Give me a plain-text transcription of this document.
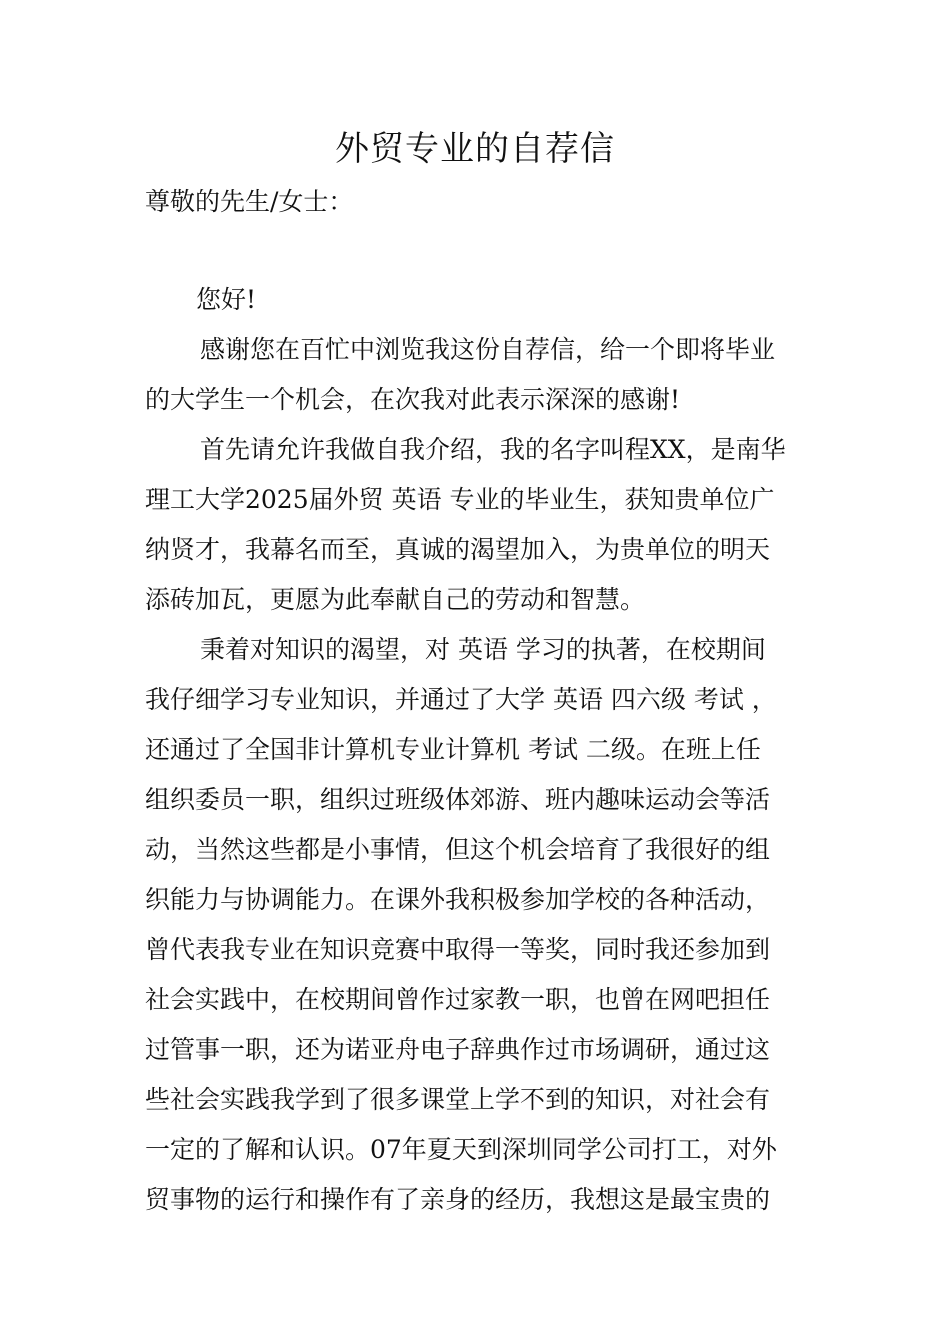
外贸专业的自荐信
尊敬的先生/女士：
您好!
感谢您在百忙中浏览我这份自荐信，给一个即将毕业
的大学生一个机会，在次我对此表示深深的感谢!
首先请允许我做自我介绍，我的名字叫程XX，是南华
理工大学2025届外贸 英语 专业的毕业生，获知贵单位广
纳贤才，我幕名而至，真诚的渴望加入，为贵单位的明天
添砖加瓦，更愿为此奉献自己的劳动和智慧。
秉着对知识的渴望，对 英语 学习的执著，在校期间
我仔细学习专业知识，并通过了大学 英语 四六级 考试 ，
还通过了全国非计算机专业计算机 考试 二级。在班上任
组织委员一职，组织过班级体郊游、班内趣味运动会等活
动，当然这些都是小事情，但这个机会培育了我很好的组
织能力与协调能力。在课外我积极参加学校的各种活动，
曾代表我专业在知识竞赛中取得一等奖，同时我还参加到
社会实践中，在校期间曾作过家教一职，也曾在网吧担任
过管事一职，还为诺亚舟电子辞典作过市场调研，通过这
些社会实践我学到了很多课堂上学不到的知识，对社会有
一定的了解和认识。07年夏天到深圳同学公司打工，对外
贸事物的运行和操作有了亲身的经历，我想这是最宝贵的
